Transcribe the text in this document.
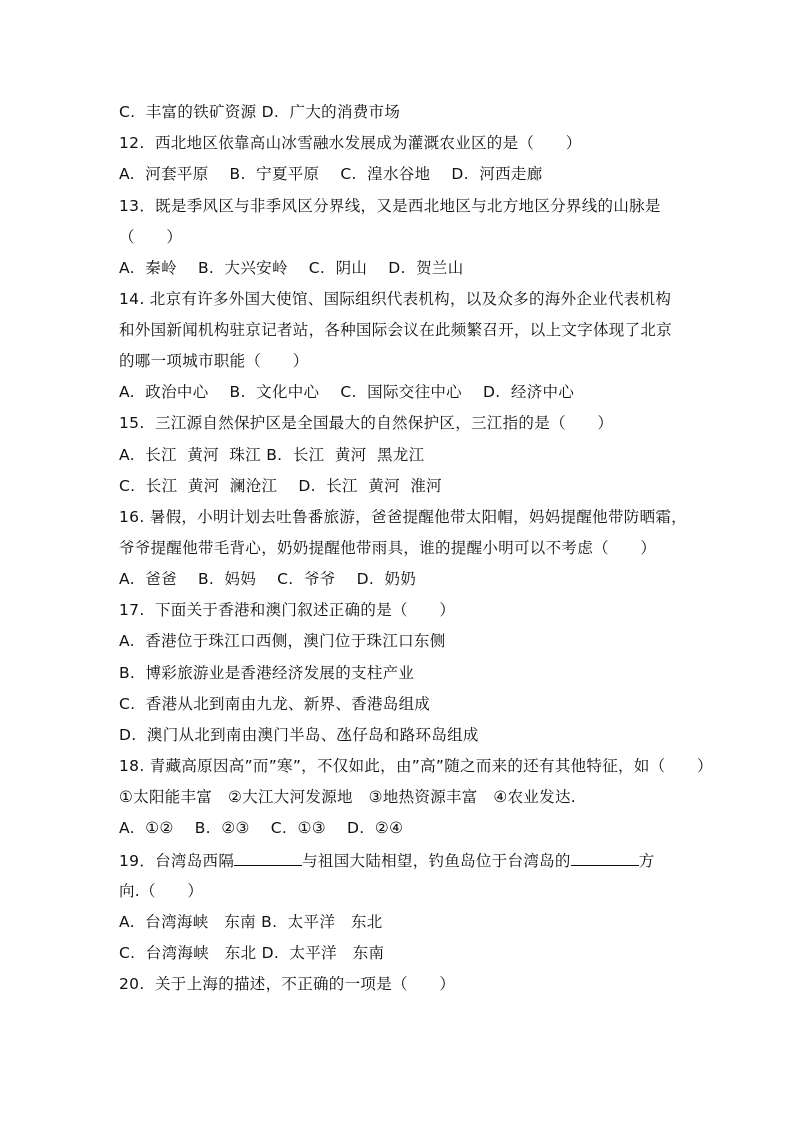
C.  丰富的铁矿资源 D.  广大的消费市场
12.  西北地区依靠高山冰雪融水发展成为灌溉农业区的是（　　）
A.  河套平原　 B.  宁夏平原　 C.  湟水谷地　 D.  河西走廊
13．既是季风区与非季风区分界线，又是西北地区与北方地区分界线的山脉是
（　　）
A.  秦岭　 B.  大兴安岭　 C.  阴山　 D.  贺兰山
14. 北京有许多外国大使馆、国际组织代表机构，以及众多的海外企业代表机构
和外国新闻机构驻京记者站，各种国际会议在此频繁召开，以上文字体现了北京
的哪一项城市职能（　　）
A.  政治中心　 B.  文化中心　 C.  国际交往中心　 D.  经济中心
15.  三江源自然保护区是全国最大的自然保护区，三江指的是（　　）
A.  长江  黄河  珠江 B.  长江  黄河  黑龙江
C.  长江  黄河  澜沧江　 D.  长江  黄河  淮河
16. 暑假，小明计划去吐鲁番旅游，爸爸提醒他带太阳帽，妈妈提醒他带防晒霜，
爷爷提醒他带毛背心，奶奶提醒他带雨具，谁的提醒小明可以不考虑（　　）
A.  爸爸　 B.  妈妈　 C.  爷爷　 D.  奶奶
17.  下面关于香港和澳门叙述正确的是（　　）
A.  香港位于珠江口西侧，澳门位于珠江口东侧
B.  博彩旅游业是香港经济发展的支柱产业
C.  香港从北到南由九龙、新界、香港岛组成
D.  澳门从北到南由澳门半岛、氹仔岛和路环岛组成
18. 青藏高原因高”而”寒”，不仅如此，由”高”随之而来的还有其他特征，如（　　）
①太阳能丰富　②大江大河发源地　③地热资源丰富　④农业发达.
A.  ①②　 B.  ②③　 C.  ①③　 D.  ②④
19．台湾岛西隔	与祖国大陆相望，钓鱼岛位于台湾岛的	方
向.（　　）
A.  台湾海峡　东南 B.  太平洋　东北
C.  台湾海峡　东北 D.  太平洋　东南
20.  关于上海的描述，不正确的一项是（　　）
